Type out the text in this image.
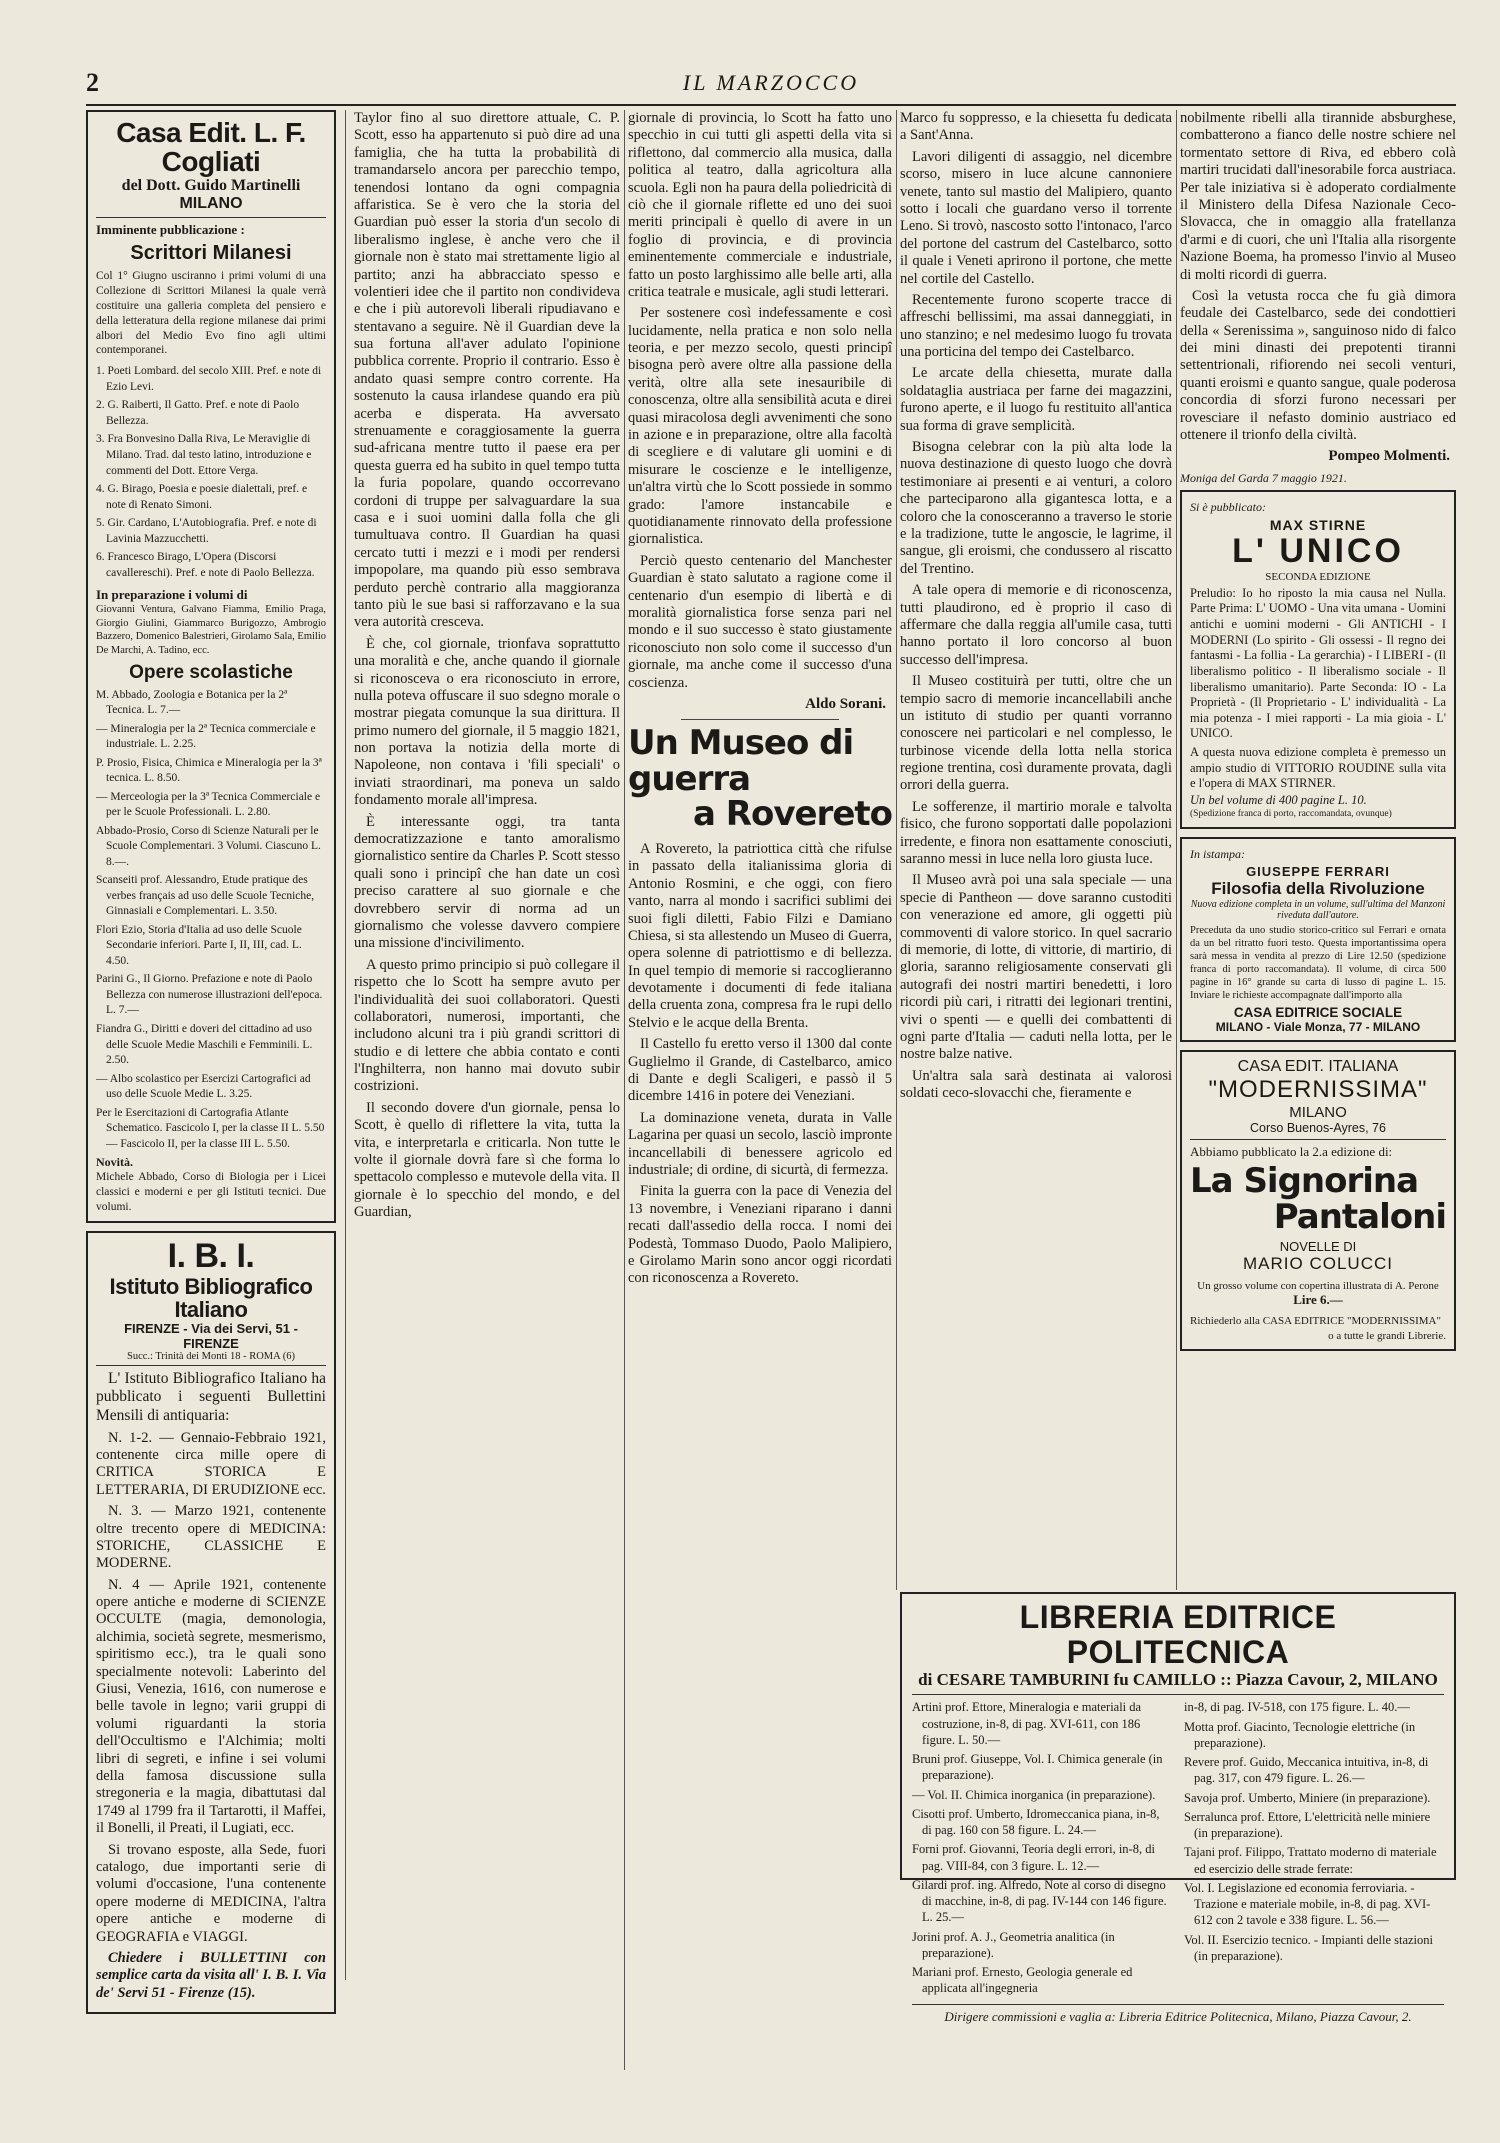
2	IL MARZOCCO
Casa Edit. L. F. Cogliati
del Dott. Guido Martinelli
MILANO
Imminente pubblicazione :
Scrittori Milanesi
Col 1° Giugno usciranno i primi volumi di una Collezione di Scrittori Milanesi la quale verrà costituire una galleria completa del pensiero e della letteratura della regione milanese dai primi albori del Medio Evo fino agli ultimi contemporanei.
1. Poeti Lombard. del secolo XIII. Pref. e note di Ezio Levi.
2. G. Raiberti, Il Gatto. Pref. e note di Paolo Bellezza.
3. Fra Bonvesino Dalla Riva, Le Meraviglie di Milano. Trad. dal testo latino, introduzione e commenti del Dott. Ettore Verga.
4. G. Birago, Poesia e poesie dialettali, pref. e note di Renato Simoni.
5. Gir. Cardano, L'Autobiografia. Pref. e note di Lavinia Mazzucchetti.
6. Francesco Birago, L'Opera (Discorsi cavallereschi). Pref. e note di Paolo Bellezza.
In preparazione i volumi di
Giovanni Ventura, Galvano Fiamma, Emilio Praga, Giorgio Giulini, Giammarco Burigozzo, Ambrogio Bazzero, Domenico Balestrieri, Girolamo Sala, Emilio De Marchi, A. Tadino, ecc.
Opere scolastiche
M. Abbado, Zoologia e Botanica per la 2ª Tecnica. L. 7.—
— Mineralogia per la 2ª Tecnica commerciale e industriale. L. 2.25.
P. Prosio, Fisica, Chimica e Mineralogia per la 3ª tecnica. L. 8.50.
— Merceologia per la 3ª Tecnica Commerciale e per le Scuole Professionali. L. 2.80.
Abbado-Prosio, Corso di Scienze Naturali per le Scuole Complementari. 3 Volumi. Ciascuno L. 8.—.
Scanseiti prof. Alessandro, Etude pratique des verbes français ad uso delle Scuole Tecniche, Ginnasiali e Complementari. L. 3.50.
Flori Ezio, Storia d'Italia ad uso delle Scuole Secondarie inferiori. Parte I, II, III, cad. L. 4.50.
Parini G., Il Giorno. Prefazione e note di Paolo Bellezza con numerose illustrazioni dell'epoca. L. 7.—
Fiandra G., Diritti e doveri del cittadino ad uso delle Scuole Medie Maschili e Femminili. L. 2.50.
— Albo scolastico per Esercizi Cartografici ad uso delle Scuole Medie L. 3.25.
Per le Esercitazioni di Cartografia Atlante Schematico. Fascicolo I, per la classe II L. 5.50 — Fascicolo II, per la classe III L. 5.50.
Novità.
Michele Abbado, Corso di Biologia per i Licei classici e moderni e per gli Istituti tecnici. Due volumi.
I. B. I.
Istituto Bibliografico Italiano
FIRENZE - Via dei Servi, 51 - FIRENZE
Succ.: Trinità dei Monti 18 - ROMA (6)
L' Istituto Bibliografico Italiano ha pubblicato i seguenti Bullettini Mensili di antiquaria:
N. 1-2. — Gennaio-Febbraio 1921, contenente circa mille opere di CRITICA STORICA E LETTERARIA, DI ERUDIZIONE ecc.
N. 3. — Marzo 1921, contenente oltre trecento opere di MEDICINA: STORICHE, CLASSICHE E MODERNE.
N. 4 — Aprile 1921, contenente opere antiche e moderne di SCIENZE OCCULTE (magia, demonologia, alchimia, società segrete, mesmerismo, spiritismo ecc.), tra le quali sono specialmente notevoli: Laberinto del Giusi, Venezia, 1616, con numerose e belle tavole in legno; varii gruppi di volumi riguardanti la storia dell'Occultismo e l'Alchimia; molti libri di segreti, e infine i sei volumi della famosa discussione sulla stregoneria e la magia, dibattutasi dal 1749 al 1799 fra il Tartarotti, il Maffei, il Bonelli, il Preati, il Lugiati, ecc.
Si trovano esposte, alla Sede, fuori catalogo, due importanti serie di volumi d'occasione, l'una contenente opere moderne di MEDICINA, l'altra opere antiche e moderne di GEOGRAFIA e VIAGGI.
Chiedere i BULLETTINI con semplice carta da visita all' I. B. I. Via de' Servi 51 - Firenze (15).

Taylor fino al suo direttore attuale, C. P. Scott, esso ha appartenuto si può dire ad una famiglia, che ha tutta la probabilità di tramandarselo ancora per parecchio tempo, tenendosi lontano da ogni compagnia affaristica. Se è vero che la storia del Guardian può esser la storia d'un secolo di liberalismo inglese, è anche vero che il giornale non è stato mai strettamente ligio al partito; anzi ha abbracciato spesso e volentieri idee che il partito non condivideva e che i più autorevoli liberali ripudiavano e stentavano a seguire. Nè il Guardian deve la sua fortuna all'aver adulato l'opinione pubblica corrente. Proprio il contrario. Esso è andato quasi sempre contro corrente. Ha sostenuto la causa irlandese quando era più acerba e disperata. Ha avversato strenuamente e coraggiosamente la guerra sud-africana mentre tutto il paese era per questa guerra ed ha subito in quel tempo tutta la furia popolare, quando occorrevano cordoni di truppe per salvaguardare la sua casa e i suoi uomini dalla folla che gli tumultuava contro. Il Guardian ha quasi cercato tutti i mezzi e i modi per rendersi impopolare, ma quando più esso sembrava perduto perchè contrario alla maggioranza tanto più le sue basi si rafforzavano e la sua vera autorità cresceva.

È che, col giornale, trionfava soprattutto una moralità e che, anche quando il giornale si riconosceva o era riconosciuto in errore, nulla poteva offuscare il suo sdegno morale o mostrar piegata comunque la sua dirittura. Il primo numero del giornale, il 5 maggio 1821, non portava la notizia della morte di Napoleone, non contava i 'fili speciali' o inviati straordinari, ma poneva un saldo fondamento morale all'impresa.

È interessante oggi, tra tanta democratizzazione e tanto amoralismo giornalistico sentire da Charles P. Scott stesso quali sono i principî che han date un così preciso carattere al suo giornale e che dovrebbero servir di norma ad un giornalismo che volesse davvero compiere una missione d'incivilimento.

A questo primo principio si può collegare il rispetto che lo Scott ha sempre avuto per l'individualità dei suoi collaboratori. Questi collaboratori, numerosi, importanti, che includono alcuni tra i più grandi scrittori di studio e di lettere che abbia contato e conti l'Inghilterra, non hanno mai dovuto subir costrizioni.

Il secondo dovere d'un giornale, pensa lo Scott, è quello di riflettere la vita, tutta la vita, e interpretarla e criticarla. Non tutte le volte il giornale dovrà fare sì che forma lo spettacolo complesso e mutevole della vita. Il giornale è lo specchio del mondo, e del Guardian,

giornale di provincia, lo Scott ha fatto uno specchio in cui tutti gli aspetti della vita si riflettono, dal commercio alla musica, dalla politica al teatro, dalla agricoltura alla scuola. Egli non ha paura della poliedricità di ciò che il giornale riflette ed uno dei suoi meriti principali è quello di avere in un foglio di provincia, e di provincia eminentemente commerciale e industriale, fatto un posto larghissimo alle belle arti, alla critica teatrale e musicale, agli studi letterari.

Per sostenere così indefessamente e così lucidamente, nella pratica e non solo nella teoria, e per mezzo secolo, questi principî bisogna però avere oltre alla passione della verità, oltre alla sete inesauribile di conoscenza, oltre alla sensibilità acuta e direi quasi miracolosa degli avvenimenti che sono in azione e in preparazione, oltre alla facoltà di scegliere e di valutare gli uomini e di misurare le coscienze e le intelligenze, un'altra virtù che lo Scott possiede in sommo grado: l'amore instancabile e quotidianamente rinnovato della professione giornalistica.

Perciò questo centenario del Manchester Guardian è stato salutato a ragione come il centenario d'un esempio di libertà e di moralità giornalistica forse senza pari nel mondo e il suo successo è stato giustamente riconosciuto non solo come il successo d'un giornale, ma anche come il successo d'una coscienza.

Aldo Sorani.
Un Museo di guerra
a Rovereto

A Rovereto, la patriottica città che rifulse in passato della italianissima gloria di Antonio Rosmini, e che oggi, con fiero vanto, narra al mondo i sacrifici sublimi dei suoi figli diletti, Fabio Filzi e Damiano Chiesa, si sta allestendo un Museo di Guerra, opera solenne di patriottismo e di bellezza. In quel tempio di memorie si raccoglieranno devotamente i documenti di fede italiana della cruenta zona, compresa fra le rupi dello Stelvio e le acque della Brenta.

Il Castello fu eretto verso il 1300 dal conte Guglielmo il Grande, di Castelbarco, amico di Dante e degli Scaligeri, e passò il 5 dicembre 1416 in potere dei Veneziani.

La dominazione veneta, durata in Valle Lagarina per quasi un secolo, lasciò impronte incancellabili di benessere agricolo ed industriale; di ordine, di sicurtà, di fermezza.

Finita la guerra con la pace di Venezia del 13 novembre, i Veneziani riparano i danni recati dall'assedio della rocca. I nomi dei Podestà, Tommaso Duodo, Paolo Malipiero, e Girolamo Marin sono ancor oggi ricordati con riconoscenza a Rovereto.

Marco fu soppresso, e la chiesetta fu dedicata a Sant'Anna.

Lavori diligenti di assaggio, nel dicembre scorso, misero in luce alcune cannoniere venete, tanto sul mastio del Malipiero, quanto sotto i locali che guardano verso il torrente Leno. Si trovò, nascosto sotto l'intonaco, l'arco del portone del castrum del Castelbarco, sotto il quale i Veneti aprirono il portone, che mette nel cortile del Castello.

Recentemente furono scoperte tracce di affreschi bellissimi, ma assai danneggiati, in uno stanzino; e nel medesimo luogo fu trovata una porticina del tempo dei Castelbarco.

Le arcate della chiesetta, murate dalla soldataglia austriaca per farne dei magazzini, furono aperte, e il luogo fu restituito all'antica sua forma di grave semplicità.

Bisogna celebrar con la più alta lode la nuova destinazione di questo luogo che dovrà testimoniare ai presenti e ai venturi, a coloro che parteciparono alla gigantesca lotta, e a coloro che la conosceranno a traverso le storie e la tradizione, tutte le angoscie, le lagrime, il sangue, gli eroismi, che condussero al riscatto del Trentino.

A tale opera di memorie e di riconoscenza, tutti plaudirono, ed è proprio il caso di affermare che dalla reggia all'umile casa, tutti hanno portato il loro concorso al buon successo dell'impresa.

Il Museo costituirà per tutti, oltre che un tempio sacro di memorie incancellabili anche un istituto di studio per quanti vorranno conoscere nei particolari e nel complesso, le turbinose vicende della lotta nella storica regione trentina, così duramente provata, dagli orrori della guerra.

Le sofferenze, il martirio morale e talvolta fisico, che furono sopportati dalle popolazioni irredente, e finora non esattamente conosciuti, saranno messi in luce nella loro giusta luce.

Il Museo avrà poi una sala speciale — una specie di Pantheon — dove saranno custoditi con venerazione ed amore, gli oggetti più commoventi di valore storico. In quel sacrario di memorie, di lotte, di vittorie, di martirio, di gloria, saranno religiosamente conservati gli autografi dei nostri martiri benedetti, i loro ricordi più cari, i ritratti dei legionari trentini, vivi o spenti — e quelli dei combattenti di ogni parte d'Italia — caduti nella lotta, per le nostre balze native.

Un'altra sala sarà destinata ai valorosi soldati ceco-slovacchi che, fieramente e

nobilmente ribelli alla tirannide absburghese, combatterono a fianco delle nostre schiere nel tormentato settore di Riva, ed ebbero colà martiri trucidati dall'inesorabile forca austriaca. Per tale iniziativa si è adoperato cordialmente il Ministero della Difesa Nazionale Ceco-Slovacca, che in omaggio alla fratellanza d'armi e di cuori, che unì l'Italia alla risorgente Nazione Boema, ha promesso l'invio al Museo di molti ricordi di guerra.

Così la vetusta rocca che fu già dimora feudale dei Castelbarco, sede dei condottieri della « Serenissima », sanguinoso nido di falco dei mini dinasti dei prepotenti tiranni settentrionali, rifiorendo nei secoli venturi, quanti eroismi e quanto sangue, quale poderosa concordia di sforzi furono necessari per rovesciare il nefasto dominio austriaco ed ottenere il trionfo della civiltà.

Pompeo Molmenti.
Moniga del Garda 7 maggio 1921.
Si è pubblicato:
MAX STIRNE
L' UNICO
SECONDA EDIZIONE
Preludio: Io ho riposto la mia causa nel Nulla. Parte Prima: L' UOMO - Una vita umana - Uomini antichi e uomini moderni - Gli ANTICHI - I MODERNI (Lo spirito - Gli ossessi - Il regno dei fantasmi - La follia - La gerarchia) - I LIBERI - (Il liberalismo politico - Il liberalismo sociale - Il liberalismo umanitario). Parte Seconda: IO - La Proprietà - (Il Proprietario - L' individualità - La mia potenza - I miei rapporti - La mia gioia - L' UNICO.
A questa nuova edizione completa è premesso un ampio studio di VITTORIO ROUDINE sulla vita e l'opera di MAX STIRNER.
Un bel volume di 400 pagine L. 10.
(Spedizione franca di porto, raccomandata, ovunque)
In istampa:
GIUSEPPE FERRARI
Filosofia della Rivoluzione
Nuova edizione completa in un volume, sull'ultima del Manzoni riveduta dall'autore.
Preceduta da uno studio storico-critico sul Ferrari e ornata da un bel ritratto fuori testo. Questa importantissima opera sarà messa in vendita al prezzo di Lire 12.50 (spedizione franca di porto raccomandata). Il volume, di circa 500 pagine in 16° grande su carta di lusso di pagine L. 15. Inviare le richieste accompagnate dall'importo alla
CASA EDITRICE SOCIALE
MILANO - Viale Monza, 77 - MILANO
CASA EDIT. ITALIANA
"MODERNISSIMA"
MILANO
Corso Buenos-Ayres, 76
Abbiamo pubblicato la 2.a edizione di:
La Signorina
Pantaloni
NOVELLE DI
MARIO COLUCCI
Un grosso volume con copertina illustrata di A. Perone
Lire 6.—
Richiederlo alla CASA EDITRICE "MODERNISSIMA"
o a tutte le grandi Librerie.
LIBRERIA EDITRICE POLITECNICA
di CESARE TAMBURINI fu CAMILLO :: Piazza Cavour, 2, MILANO
Artini prof. Ettore, Mineralogia e materiali da costruzione, in-8, di pag. XVI-611, con 186 figure. L. 50.—
Bruni prof. Giuseppe, Vol. I. Chimica generale (in preparazione).
— Vol. II. Chimica inorganica (in preparazione).
Cisotti prof. Umberto, Idromeccanica piana, in-8, di pag. 160 con 58 figure. L. 24.—
Forni prof. Giovanni, Teoria degli errori, in-8, di pag. VIII-84, con 3 figure. L. 12.—
Gilardi prof. ing. Alfredo, Note al corso di disegno di macchine, in-8, di pag. IV-144 con 146 figure. L. 25.—
Jorini prof. A. J., Geometria analitica (in preparazione).
Mariani prof. Ernesto, Geologia generale ed applicata all'ingegneria
in-8, di pag. IV-518, con 175 figure. L. 40.—
Motta prof. Giacinto, Tecnologie elettriche (in preparazione).
Revere prof. Guido, Meccanica intuitiva, in-8, di pag. 317, con 479 figure. L. 26.—
Savoja prof. Umberto, Miniere (in preparazione).
Serralunca prof. Ettore, L'elettricità nelle miniere (in preparazione).
Tajani prof. Filippo, Trattato moderno di materiale ed esercizio delle strade ferrate:
Vol. I. Legislazione ed economia ferroviaria. - Trazione e materiale mobile, in-8, di pag. XVI-612 con 2 tavole e 338 figure. L. 56.—
Vol. II. Esercizio tecnico. - Impianti delle stazioni (in preparazione).
Dirigere commissioni e vaglia a: Libreria Editrice Politecnica, Milano, Piazza Cavour, 2.
